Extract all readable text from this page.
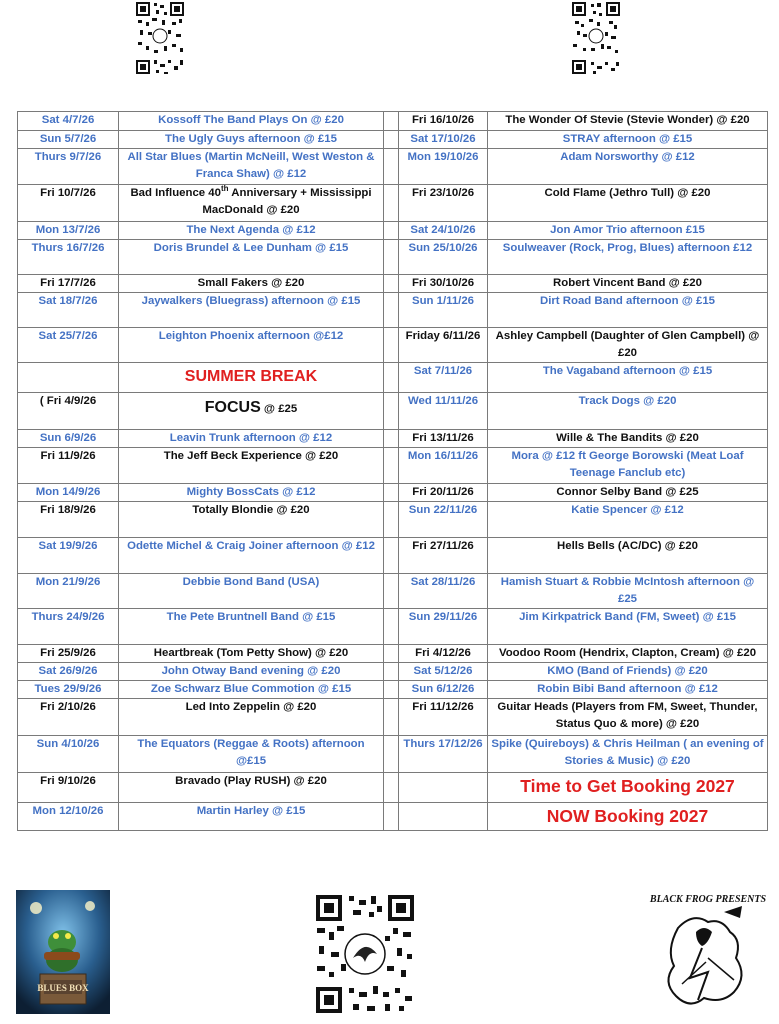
Sat 4/7/26	Kossoff The Band Plays On @ £20		Fri 16/10/26	The Wonder Of Stevie (Stevie Wonder) @ £20
Sun 5/7/26	The Ugly Guys afternoon @ £15		Sat 17/10/26	STRAY afternoon @ £15
Thurs 9/7/26	All Star Blues (Martin McNeill, West Weston & Franca Shaw) @ £12		Mon 19/10/26	Adam Norsworthy @ £12
Fri 10/7/26	Bad Influence 40th Anniversary + Mississippi MacDonald @ £20		Fri 23/10/26	Cold Flame (Jethro Tull) @ £20
Mon 13/7/26	The Next Agenda @ £12		Sat 24/10/26	Jon Amor Trio afternoon £15
Thurs 16/7/26	Doris Brundel & Lee Dunham @ £15		Sun 25/10/26	Soulweaver (Rock, Prog, Blues) afternoon £12
Fri 17/7/26	Small Fakers @ £20		Fri 30/10/26	Robert Vincent Band @ £20
Sat 18/7/26	Jaywalkers (Bluegrass) afternoon @ £15		Sun 1/11/26	Dirt Road Band afternoon @ £15
Sat 25/7/26	Leighton Phoenix afternoon @£12		Friday 6/11/26	Ashley Campbell (Daughter of Glen Campbell) @ £20
	SUMMER BREAK		Sat 7/11/26	The Vagaband afternoon @ £15
( Fri 4/9/26	FOCUS @ £25		Wed 11/11/26	Track Dogs @ £20
Sun 6/9/26	Leavin Trunk afternoon @ £12		Fri 13/11/26	Wille & The Bandits @ £20
Fri 11/9/26	The Jeff Beck Experience @ £20		Mon 16/11/26	Mora @ £12 ft George Borowski (Meat Loaf Teenage Fanclub etc)
Mon 14/9/26	Mighty BossCats @ £12		Fri 20/11/26	Connor Selby Band @ £25
Fri 18/9/26	Totally Blondie @ £20		Sun 22/11/26	Katie Spencer @ £12
Sat 19/9/26	Odette Michel & Craig Joiner afternoon @ £12		Fri 27/11/26	Hells Bells (AC/DC) @ £20
Mon 21/9/26	Debbie Bond Band (USA)		Sat 28/11/26	Hamish Stuart & Robbie McIntosh afternoon @ £25
Thurs 24/9/26	The Pete Bruntnell Band @ £15		Sun 29/11/26	Jim Kirkpatrick Band (FM, Sweet) @ £15
Fri 25/9/26	Heartbreak (Tom Petty Show) @ £20		Fri 4/12/26	Voodoo Room (Hendrix, Clapton, Cream) @ £20
Sat 26/9/26	John Otway Band evening @ £20		Sat 5/12/26	KMO (Band of Friends) @ £20
Tues 29/9/26	Zoe Schwarz Blue Commotion @ £15		Sun 6/12/26	Robin Bibi Band afternoon @ £12
Fri 2/10/26	Led Into Zeppelin @ £20		Fri 11/12/26	Guitar Heads (Players from FM, Sweet, Thunder, Status Quo & more) @ £20
Sun 4/10/26	The Equators (Reggae & Roots) afternoon @£15		Thurs 17/12/26	Spike (Quireboys) & Chris Heilman ( an evening of Stories & Music) @ £20
Fri 9/10/26	Bravado (Play RUSH) @ £20			Time to Get Booking 2027
Mon 12/10/26	Martin Harley @ £15			NOW Booking 2027
BLUES BOX
BLACK FROG PRESENTS
